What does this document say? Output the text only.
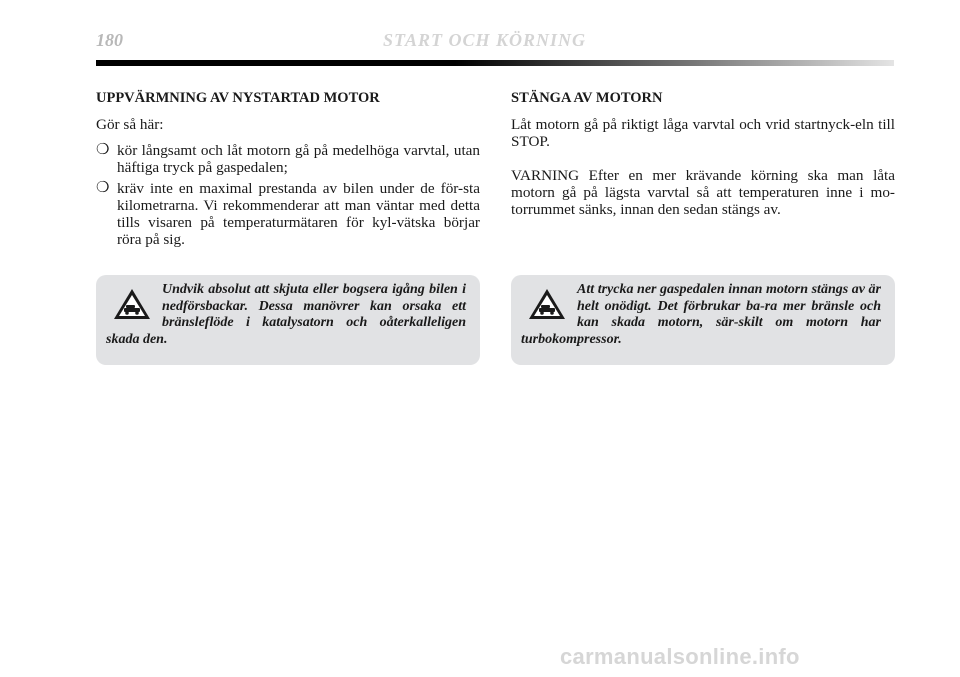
180	START OCH KÖRNING

UPPVÄRMNING AV NYSTARTAD MOTOR

Gör så här:

❍ kör långsamt och låt motorn gå på medelhöga varvtal, utan häftiga tryck på gaspedalen;
❍ kräv inte en maximal prestanda av bilen under de för-sta kilometrarna. Vi rekommenderar att man väntar med detta tills visaren på temperaturmätaren för kyl-vätska börjar röra på sig.
Undvik absolut att skjuta eller bogsera igång bilen i nedförsbackar. Dessa manövrer kan orsaka ett bränsleflöde i katalysatorn och oåterkalleligen skada den.

STÄNGA AV MOTORN

Låt motorn gå på riktigt låga varvtal och vrid startnyck-eln till STOP.

VARNING Efter en mer krävande körning ska man låta motorn gå på lägsta varvtal så att temperaturen inne i mo-torrummet sänks, innan den sedan stängs av.

Att trycka ner gaspedalen innan motorn stängs av är helt onödigt. Det förbrukar ba-ra mer bränsle och kan skada motorn, sär-skilt om motorn har turbokompressor.
carmanualsonline.info
